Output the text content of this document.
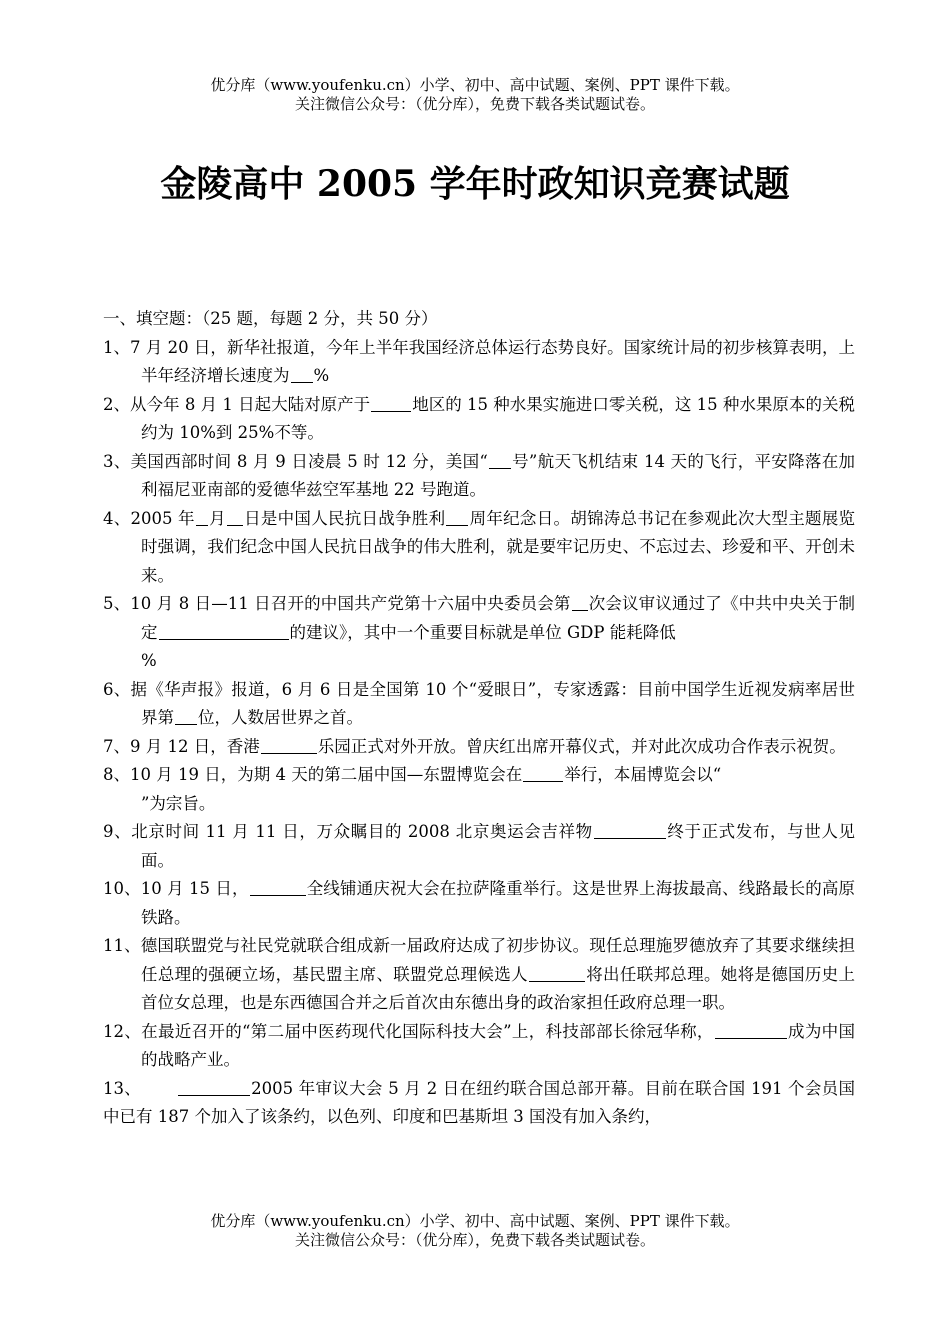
优分库（www.youfenku.cn）小学、初中、高中试题、案例、PPT 课件下载。
关注微信公众号：（优分库），免费下载各类试题试卷。
金陵高中 2005 学年时政知识竞赛试题

一、填空题：（25 题，每题 2 分，共 50 分）

1、7 月 20 日，新华社报道，今年上半年我国经济总体运行态势良好。国家统计局的初步核算表明，上半年经济增长速度为 %

2、从今年 8 月 1 日起大陆对原产于	地区的 15 种水果实施进口零关税，这 15 种水果原本的关税约为 10%到 25%不等。

3、美国西部时间 8 月 9 日凌晨 5 时 12 分，美国“ 号”航天飞机结束 14 天的飞行，平安降落在加利福尼亚南部的爱德华兹空军基地 22 号跑道。

4、2005 年 月 日是中国人民抗日战争胜利 周年纪念日。胡锦涛总书记在参观此次大型主题展览时强调，我们纪念中国人民抗日战争的伟大胜利，就是要牢记历史、不忘过去、珍爱和平、开创未来。

5、10 月 8 日—11 日召开的中国共产党第十六届中央委员会第 次会议审议通过了《中共中央关于制定	的建议》，其中一个重要目标就是单位 GDP 能耗降低
%

6、据《华声报》报道，6 月 6 日是全国第 10 个“爱眼日”，专家透露：目前中国学生近视发病率居世界第 位，人数居世界之首。

7、9 月 12 日，香港	乐园正式对外开放。曾庆红出席开幕仪式，并对此次成功合作表示祝贺。

8、10 月 19 日，为期 4 天的第二届中国—东盟博览会在	举行，本届博览会以“
”为宗旨。

9、北京时间 11 月 11 日，万众瞩目的 2008 北京奥运会吉祥物	终于正式发布，与世人见面。

10、10 月 15 日，	全线铺通庆祝大会在拉萨隆重举行。这是世界上海拔最高、线路最长的高原铁路。

11、德国联盟党与社民党就联合组成新一届政府达成了初步协议。现任总理施罗德放弃了其要求继续担任总理的强硬立场，基民盟主席、联盟党总理候选人	将出任联邦总理。她将是德国历史上首位女总理，也是东西德国合并之后首次由东德出身的政治家担任政府总理一职。

12、在最近召开的“第二届中医药现代化国际科技大会”上，科技部部长徐冠华称，	成为中国的战略产业。

13、	2005 年审议大会 5 月 2 日在纽约联合国总部开幕。目前在联合国 191 个会员国中已有 187 个加入了该条约，以色列、印度和巴基斯坦 3 国没有加入条约，

优分库（www.youfenku.cn）小学、初中、高中试题、案例、PPT 课件下载。
关注微信公众号：（优分库），免费下载各类试题试卷。
